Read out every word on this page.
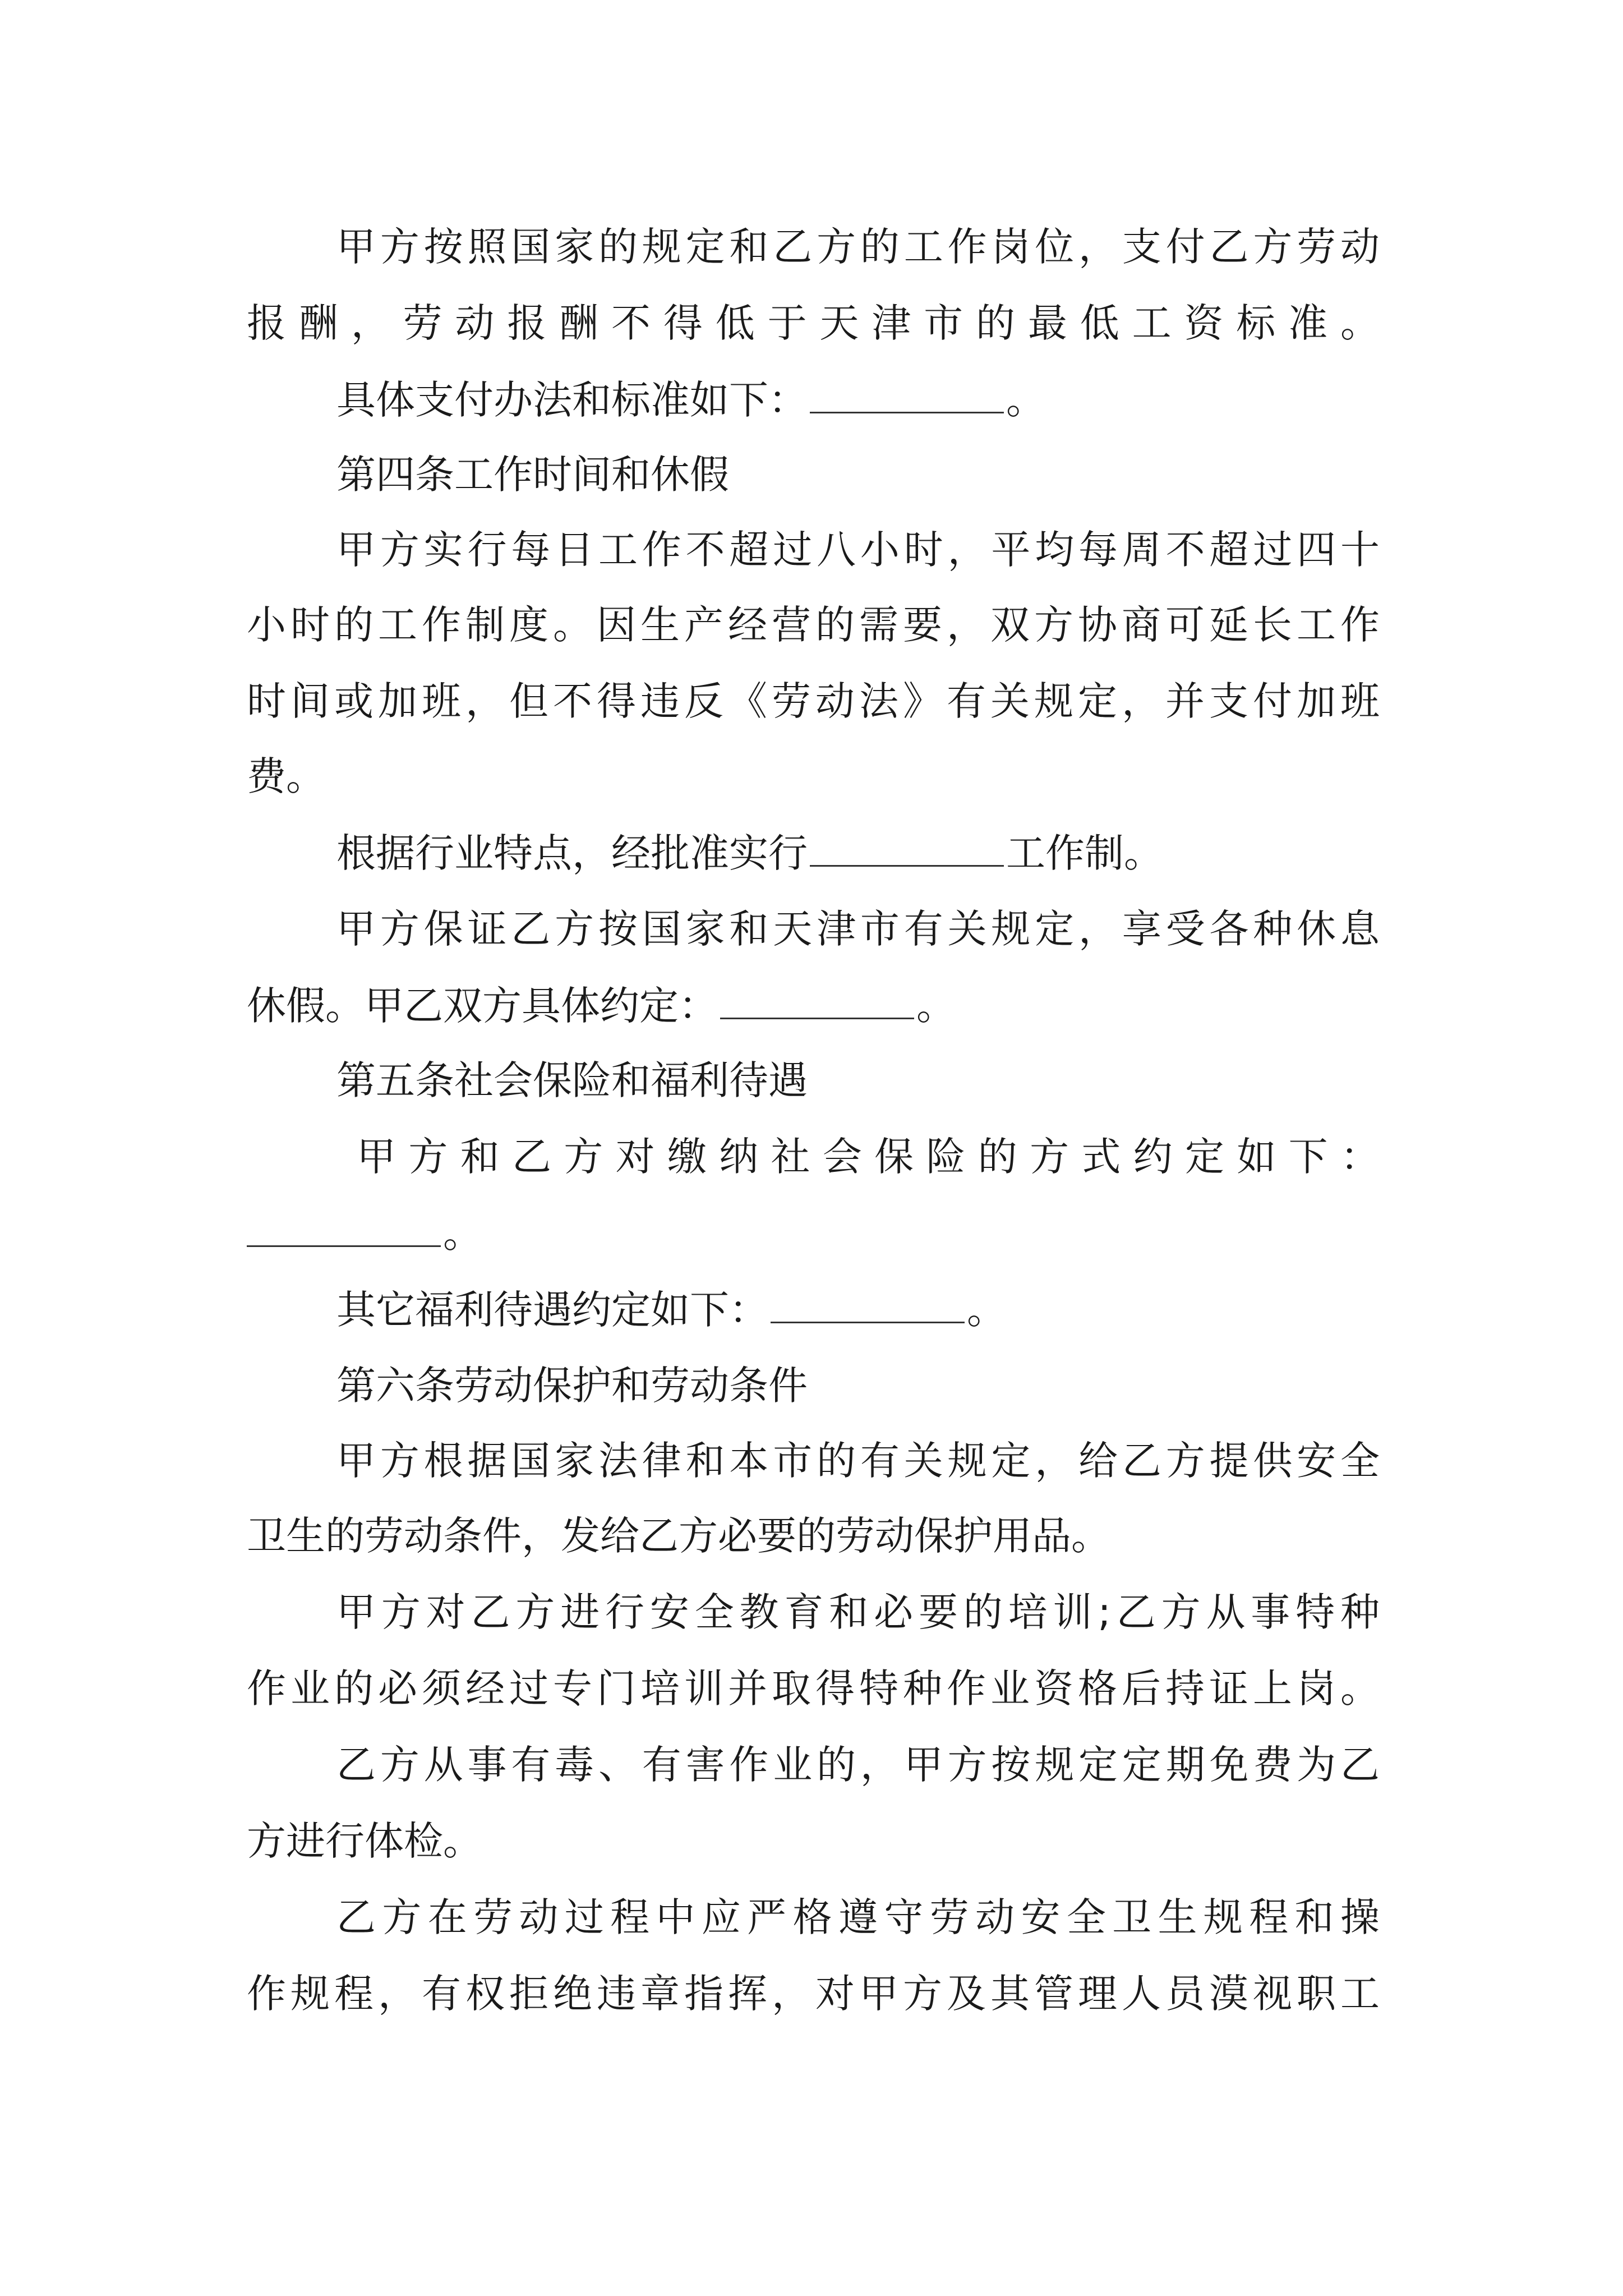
甲方按照国家的规定和乙方的工作岗位，支付乙方劳动

报酬，劳动报酬不得低于天津市的最低工资标准。

具体支付办法和标准如下：	。

第四条工作时间和休假

甲方实行每日工作不超过八小时，平均每周不超过四十

小时的工作制度。因生产经营的需要，双方协商可延长工作

时间或加班，但不得违反《劳动法》有关规定，并支付加班

费。

根据行业特点，经批准实行	工作制。

甲方保证乙方按国家和天津市有关规定，享受各种休息

休假。甲乙双方具体约定：	。

第五条社会保险和福利待遇

甲方和乙方对缴纳社会保险的方式约定如下：

。

其它福利待遇约定如下：	。

第六条劳动保护和劳动条件

甲方根据国家法律和本市的有关规定，给乙方提供安全

卫生的劳动条件，发给乙方必要的劳动保护用品。

甲方对乙方进行安全教育和必要的培训;乙方从事特种

作业的必须经过专门培训并取得特种作业资格后持证上岗。

乙方从事有毒、有害作业的，甲方按规定定期免费为乙

方进行体检。

乙方在劳动过程中应严格遵守劳动安全卫生规程和操

作规程，有权拒绝违章指挥，对甲方及其管理人员漠视职工
